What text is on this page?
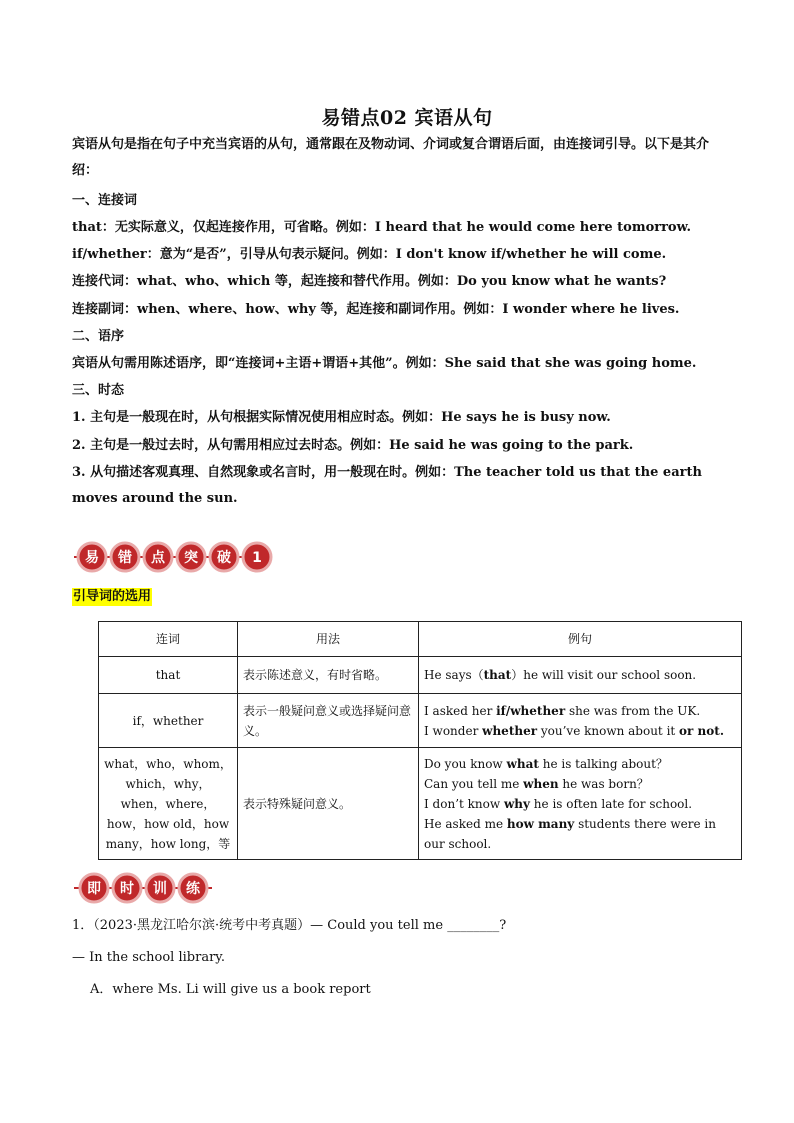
易错点02 宾语从句
宾语从句是指在句子中充当宾语的从句，通常跟在及物动词、介词或复合谓语后面，由连接词引导。以下是其介绍：
一、连接词
that：无实际意义，仅起连接作用，可省略。例如：I heard that he would come here tomorrow.
if/whether：意为“是否”，引导从句表示疑问。例如：I don't know if/whether he will come.
连接代词：what、who、which 等，起连接和替代作用。例如：Do you know what he wants?
连接副词：when、where、how、why 等，起连接和副词作用。例如：I wonder where he lives.
二、语序
宾语从句需用陈述语序，即“连接词+主语+谓语+其他”。例如：She said that she was going home.
三、时态
1. 主句是一般现在时，从句根据实际情况使用相应时态。例如：He says he is busy now.
2. 主句是一般过去时，从句需用相应过去时态。例如：He said he was going to the park.
3. 从句描述客观真理、自然现象或名言时，用一般现在时。例如：The teacher told us that the earth moves around the sun.
易 错 点 突 破 1
引导词的选用
连词	用法	例句
that	表示陈述意义，有时省略。	He says（that）he will visit our school soon.
if，whether	表示一般疑问意义或选择疑问意义。	I asked her if/whether she was from the UK.
I wonder whether you’ve known about it or not.

what，who，whom，which，why，when，where，how，how old，how many，how long，等	表示特殊疑问意义。	Do you know what he is talking about？
Can you tell me when he was born？
I don’t know why he is often late for school.
He asked me how many students there were in our school.
即 时 训 练
1．（2023·黑龙江哈尔滨·统考中考真题）— Could you tell me ________?
— In the school library.
A．where Ms. Li will give us a book report
